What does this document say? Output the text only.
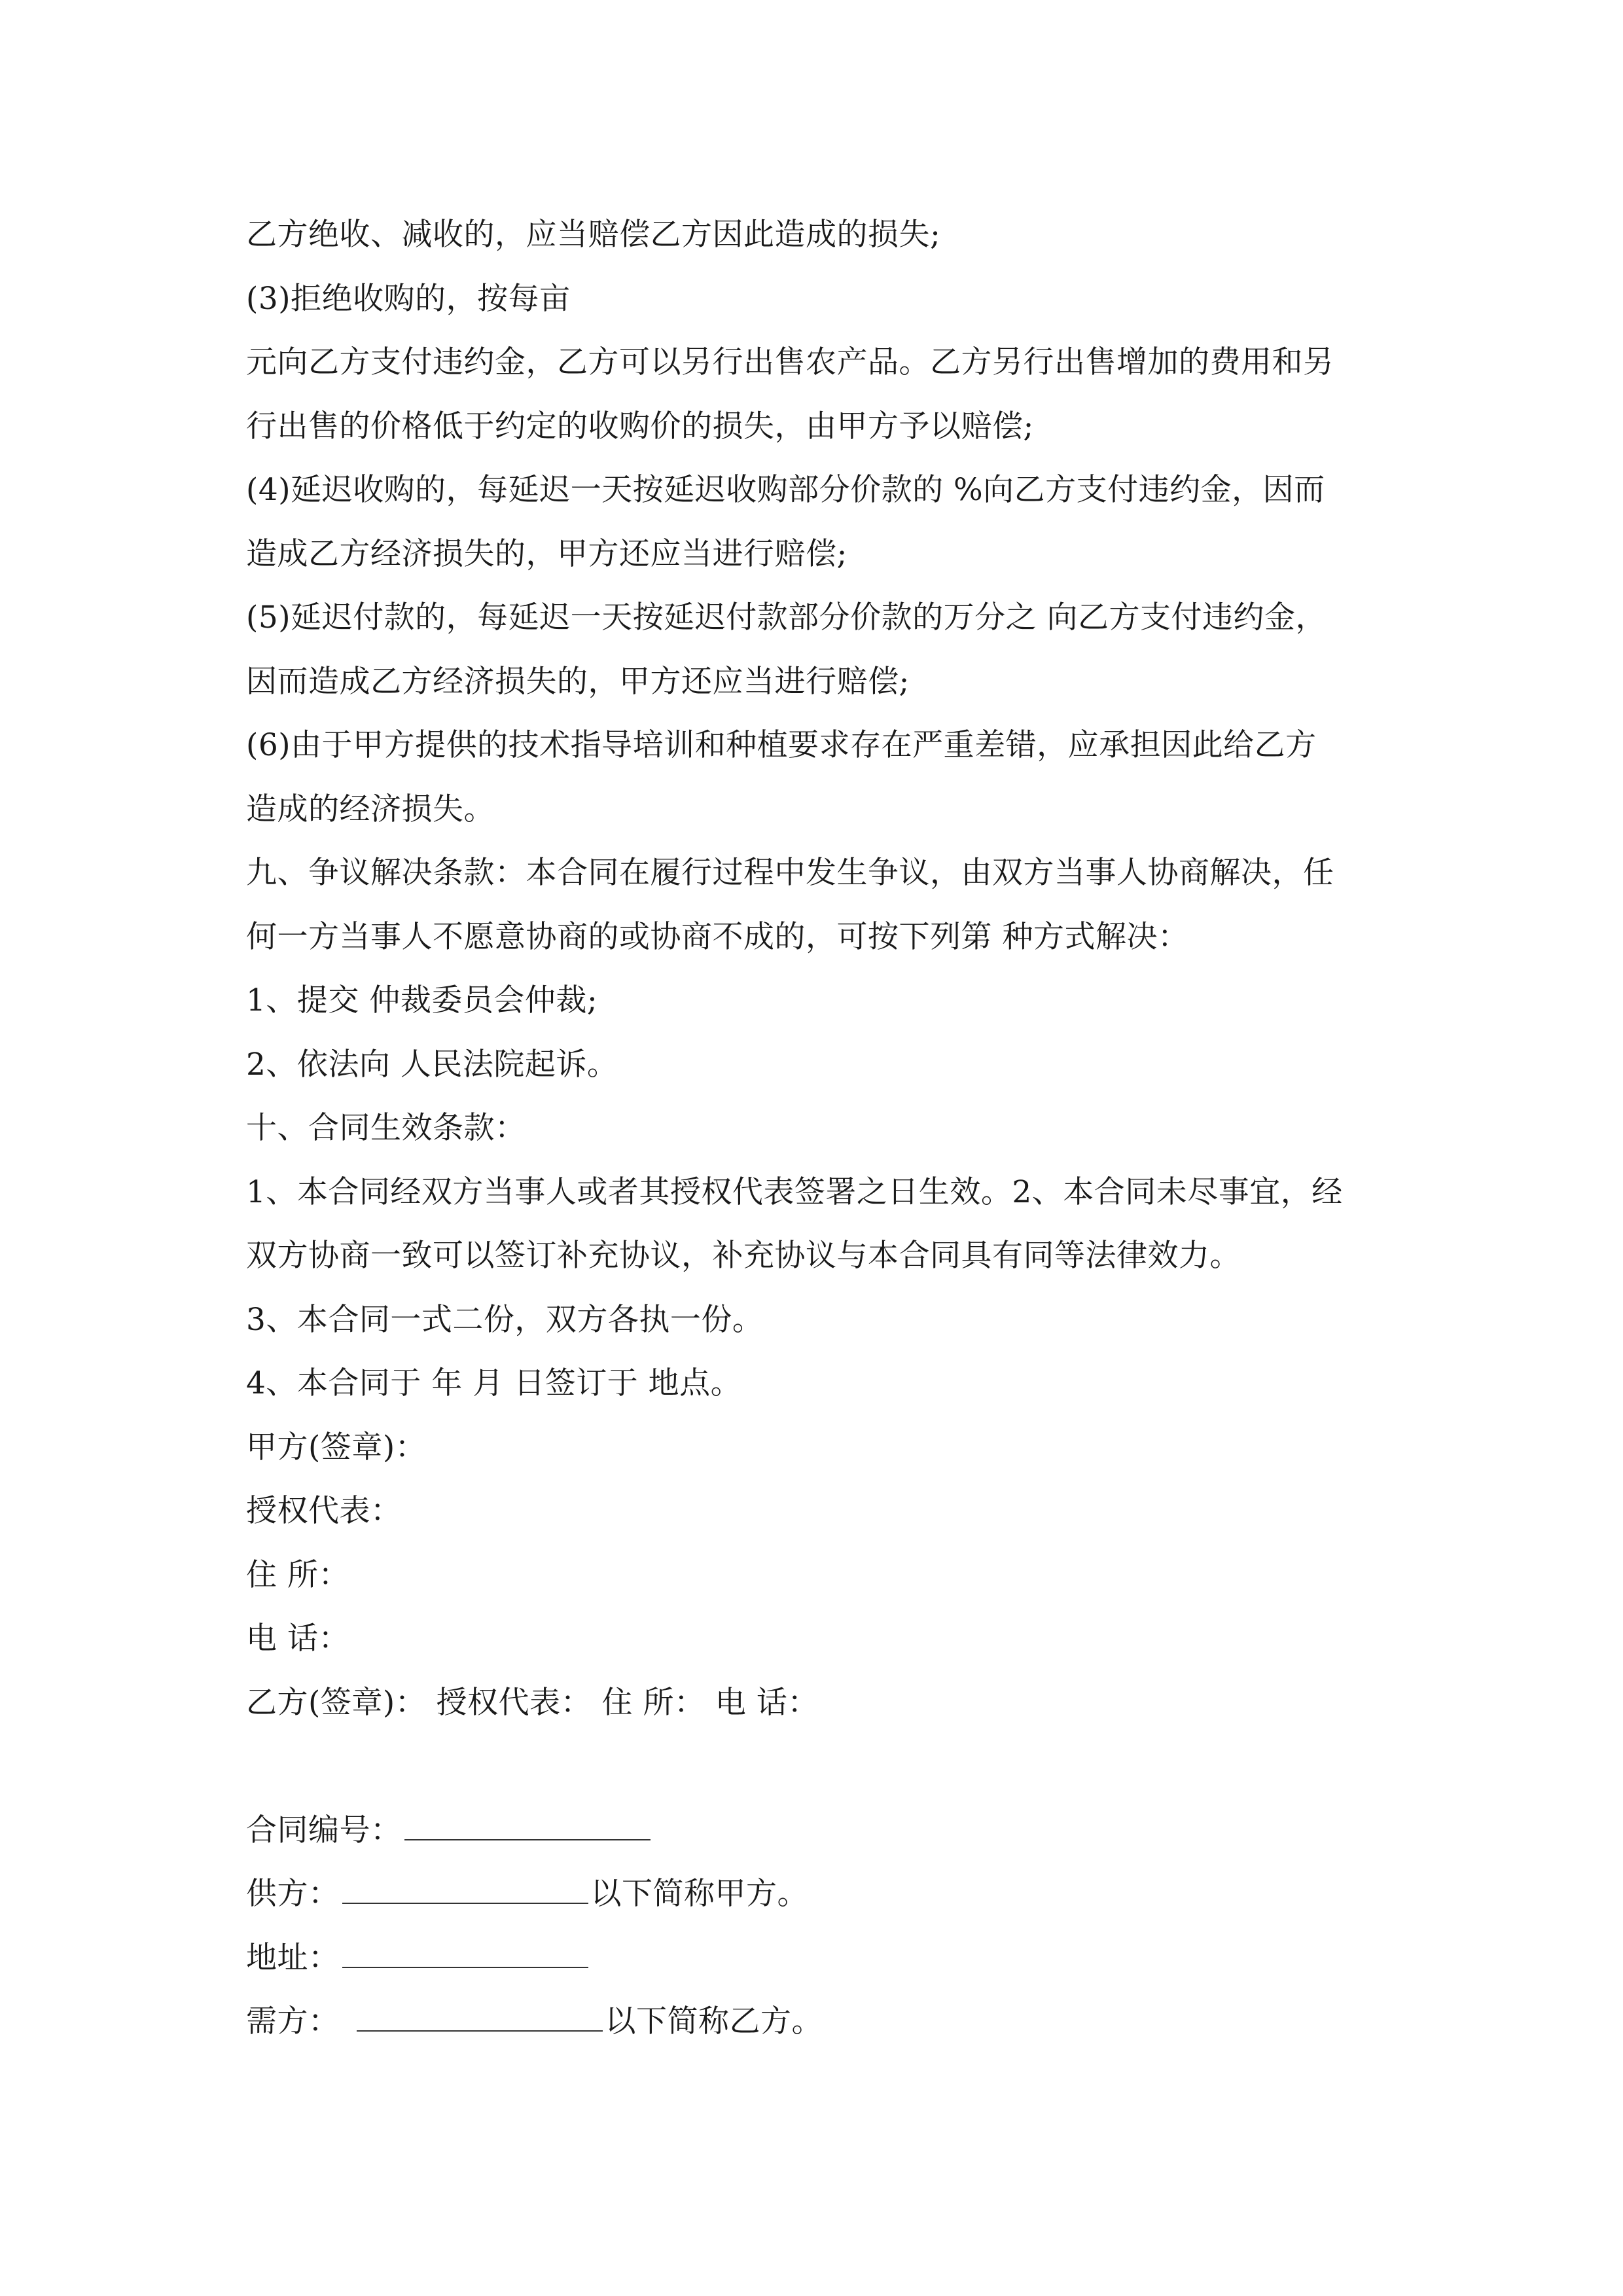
乙方绝收、减收的，应当赔偿乙方因此造成的损失;
(3)拒绝收购的，按每亩
元向乙方支付违约金，乙方可以另行出售农产品。乙方另行出售增加的费用和另
行出售的价格低于约定的收购价的损失，由甲方予以赔偿;
(4)延迟收购的，每延迟一天按延迟收购部分价款的 %向乙方支付违约金，因而
造成乙方经济损失的，甲方还应当进行赔偿;
(5)延迟付款的，每延迟一天按延迟付款部分价款的万分之 向乙方支付违约金，
因而造成乙方经济损失的，甲方还应当进行赔偿;
(6)由于甲方提供的技术指导培训和种植要求存在严重差错，应承担因此给乙方
造成的经济损失。
九、争议解决条款：本合同在履行过程中发生争议，由双方当事人协商解决，任
何一方当事人不愿意协商的或协商不成的，可按下列第 种方式解决：
1、提交 仲裁委员会仲裁;
2、依法向 人民法院起诉。
十、合同生效条款：
1、本合同经双方当事人或者其授权代表签署之日生效。2、本合同未尽事宜，经
双方协商一致可以签订补充协议，补充协议与本合同具有同等法律效力。
3、本合同一式二份，双方各执一份。
4、本合同于 年 月 日签订于 地点。
甲方(签章)：
授权代表：
住 所：
电 话：
乙方(签章)： 授权代表： 住 所： 电 话：
合同编号：
供方：	以下简称甲方。
地址：
需方：	以下简称乙方。
